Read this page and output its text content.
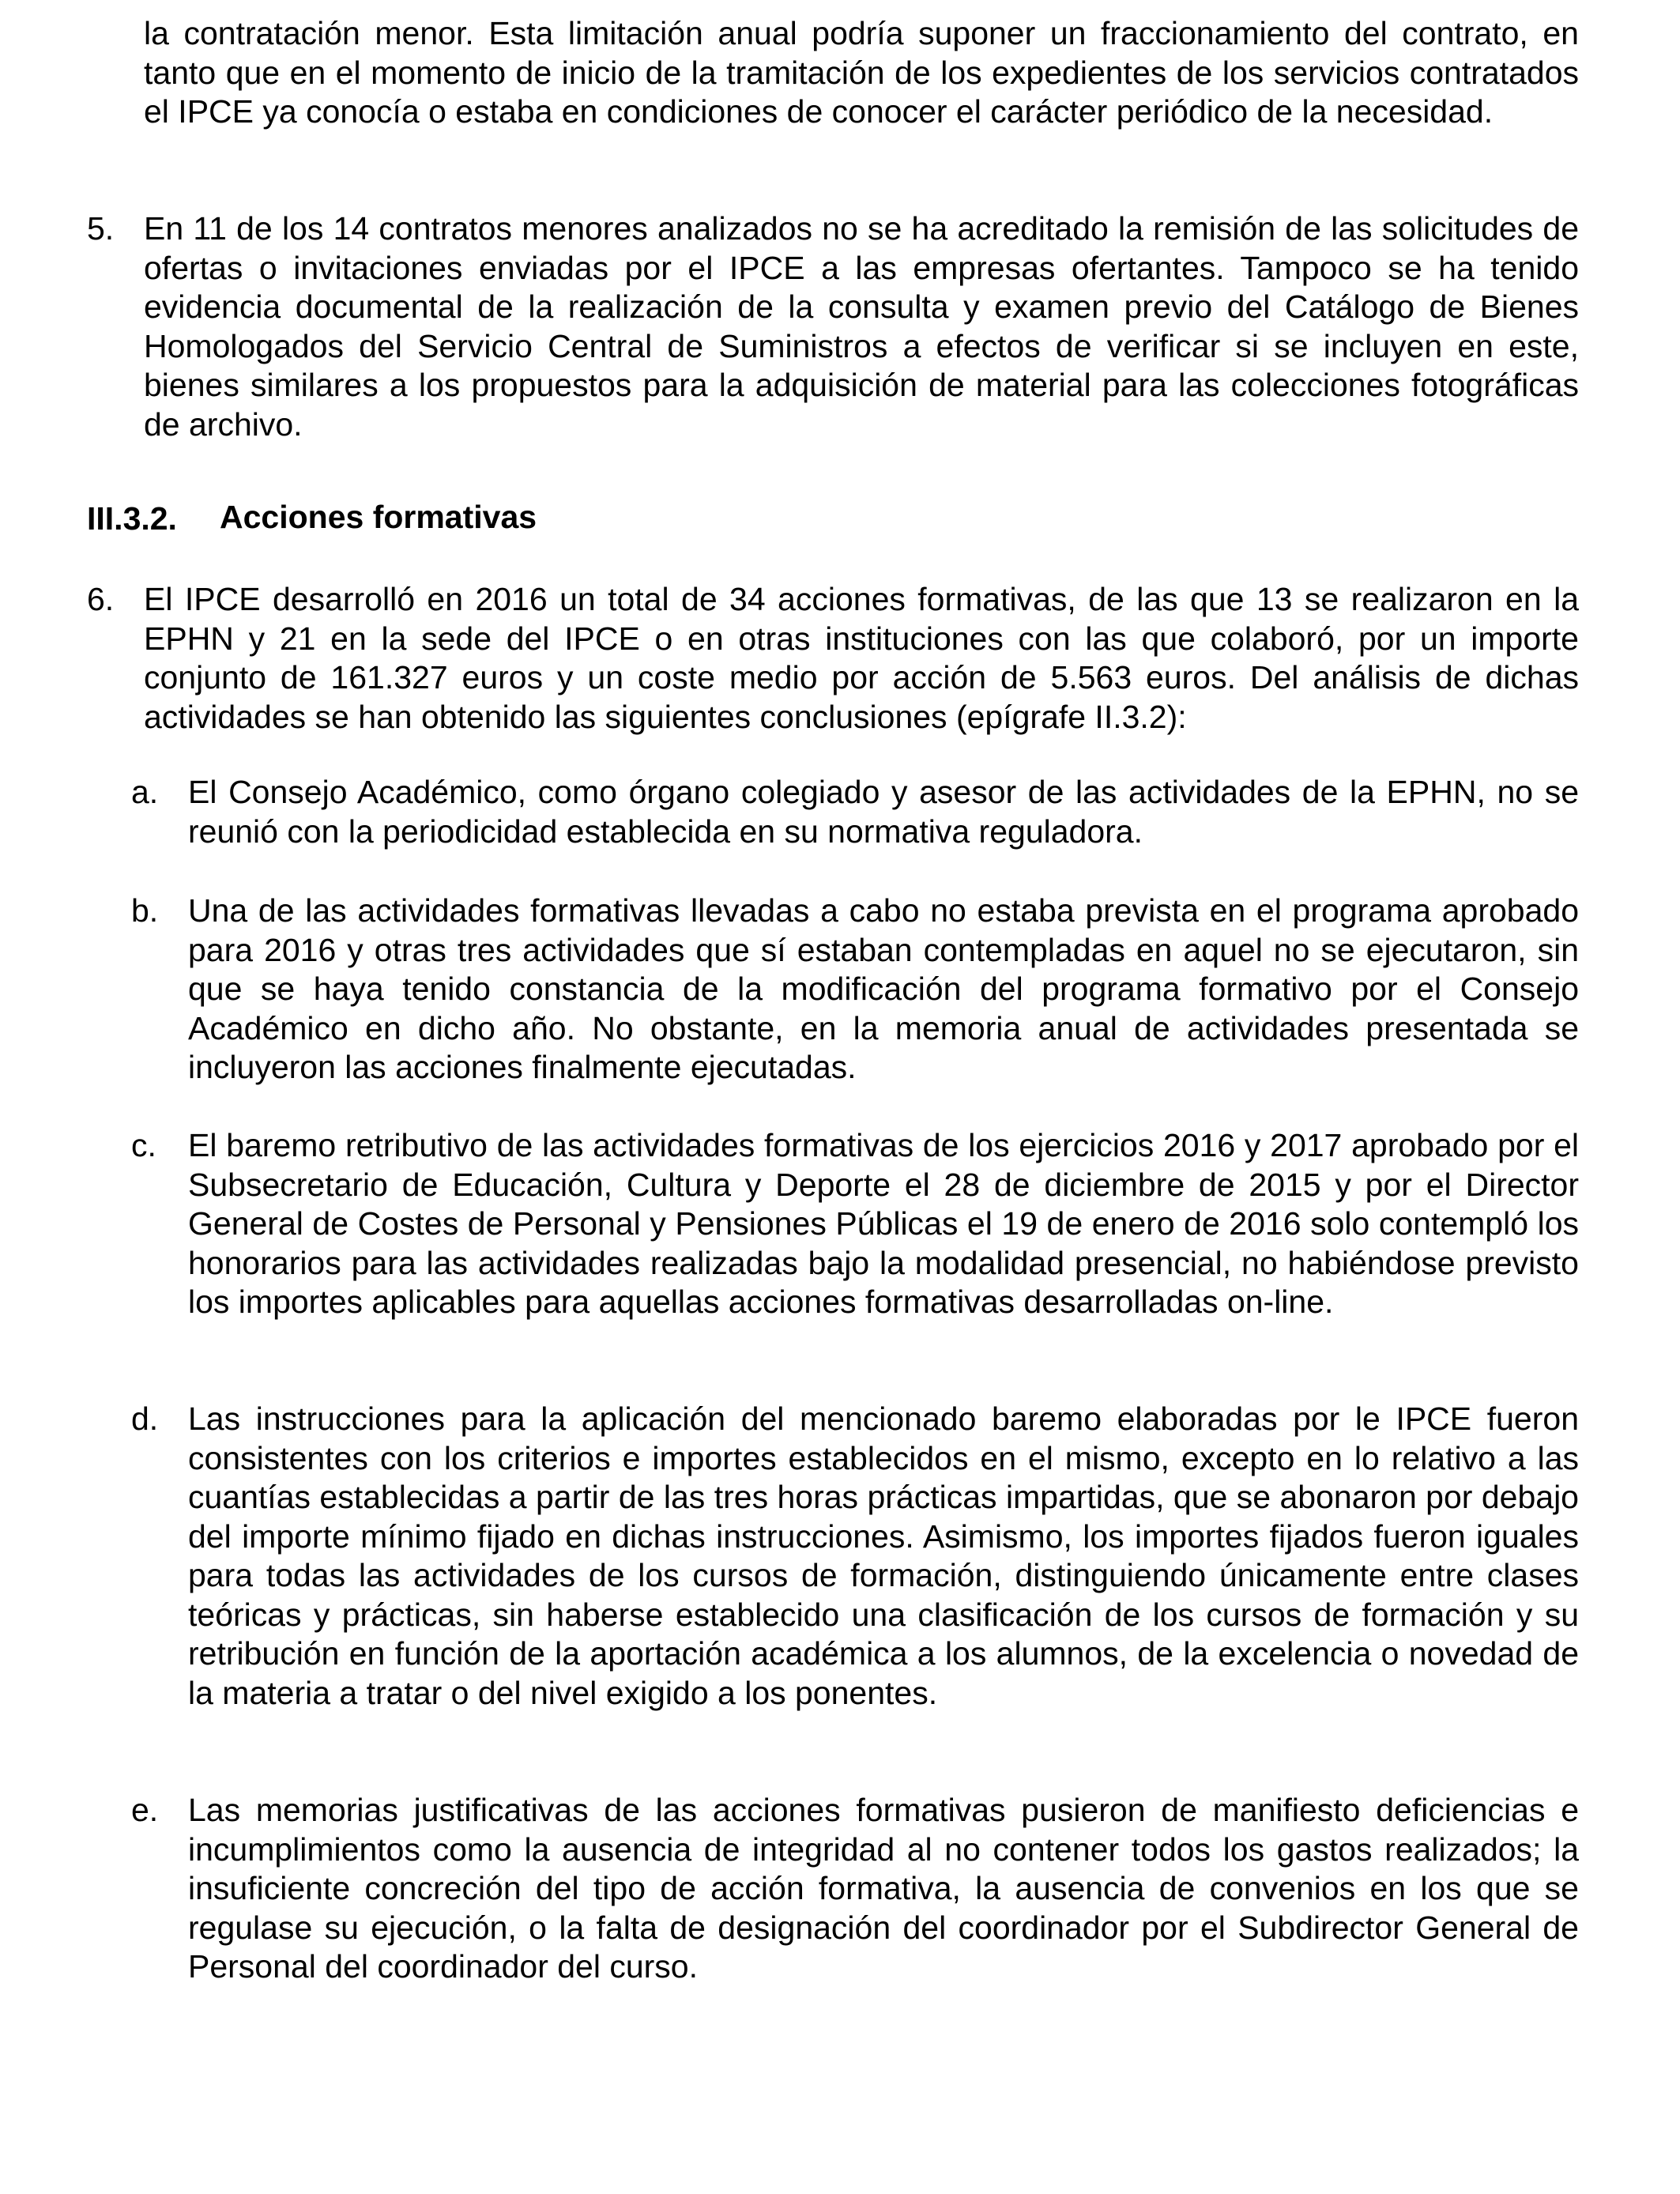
la contratación menor. Esta limitación anual podría suponer un fraccionamiento del contrato, en tanto que en el momento de inicio de la tramitación de los expedientes de los servicios contratados el IPCE ya conocía o estaba en condiciones de conocer el carácter periódico de la necesidad.

5. En 11 de los 14 contratos menores analizados no se ha acreditado la remisión de las solicitudes de ofertas o invitaciones enviadas por el IPCE a las empresas ofertantes. Tampoco se ha tenido evidencia documental de la realización de la consulta y examen previo del Catálogo de Bienes Homologados del Servicio Central de Suministros a efectos de verificar si se incluyen en este, bienes similares a los propuestos para la adquisición de material para las colecciones fotográficas de archivo.

III.3.2. Acciones formativas
6. El IPCE desarrolló en 2016 un total de 34 acciones formativas, de las que 13 se realizaron en la EPHN y 21 en la sede del IPCE o en otras instituciones con las que colaboró, por un importe conjunto de 161.327 euros y un coste medio por acción de 5.563 euros. Del análisis de dichas actividades se han obtenido las siguientes conclusiones (epígrafe II.3.2):

a. El Consejo Académico, como órgano colegiado y asesor de las actividades de la EPHN, no se reunió con la periodicidad establecida en su normativa reguladora.

b. Una de las actividades formativas llevadas a cabo no estaba prevista en el programa aprobado para 2016 y otras tres actividades que sí estaban contempladas en aquel no se ejecutaron, sin que se haya tenido constancia de la modificación del programa formativo por el Consejo Académico en dicho año. No obstante, en la memoria anual de actividades presentada se incluyeron las acciones finalmente ejecutadas.

c. El baremo retributivo de las actividades formativas de los ejercicios 2016 y 2017 aprobado por el Subsecretario de Educación, Cultura y Deporte el 28 de diciembre de 2015 y por el Director General de Costes de Personal y Pensiones Públicas el 19 de enero de 2016 solo contempló los honorarios para las actividades realizadas bajo la modalidad presencial, no habiéndose previsto los importes aplicables para aquellas acciones formativas desarrolladas on-line.

d. Las instrucciones para la aplicación del mencionado baremo elaboradas por le IPCE fueron consistentes con los criterios e importes establecidos en el mismo, excepto en lo relativo a las cuantías establecidas a partir de las tres horas prácticas impartidas, que se abonaron por debajo del importe mínimo fijado en dichas instrucciones. Asimismo, los importes fijados fueron iguales para todas las actividades de los cursos de formación, distinguiendo únicamente entre clases teóricas y prácticas, sin haberse establecido una clasificación de los cursos de formación y su retribución en función de la aportación académica a los alumnos, de la excelencia o novedad de la materia a tratar o del nivel exigido a los ponentes.

e. Las memorias justificativas de las acciones formativas pusieron de manifiesto deficiencias e incumplimientos como la ausencia de integridad al no contener todos los gastos realizados; la insuficiente concreción del tipo de acción formativa, la ausencia de convenios en los que se regulase su ejecución, o la falta de designación del coordinador por el Subdirector General de Personal del coordinador del curso.
